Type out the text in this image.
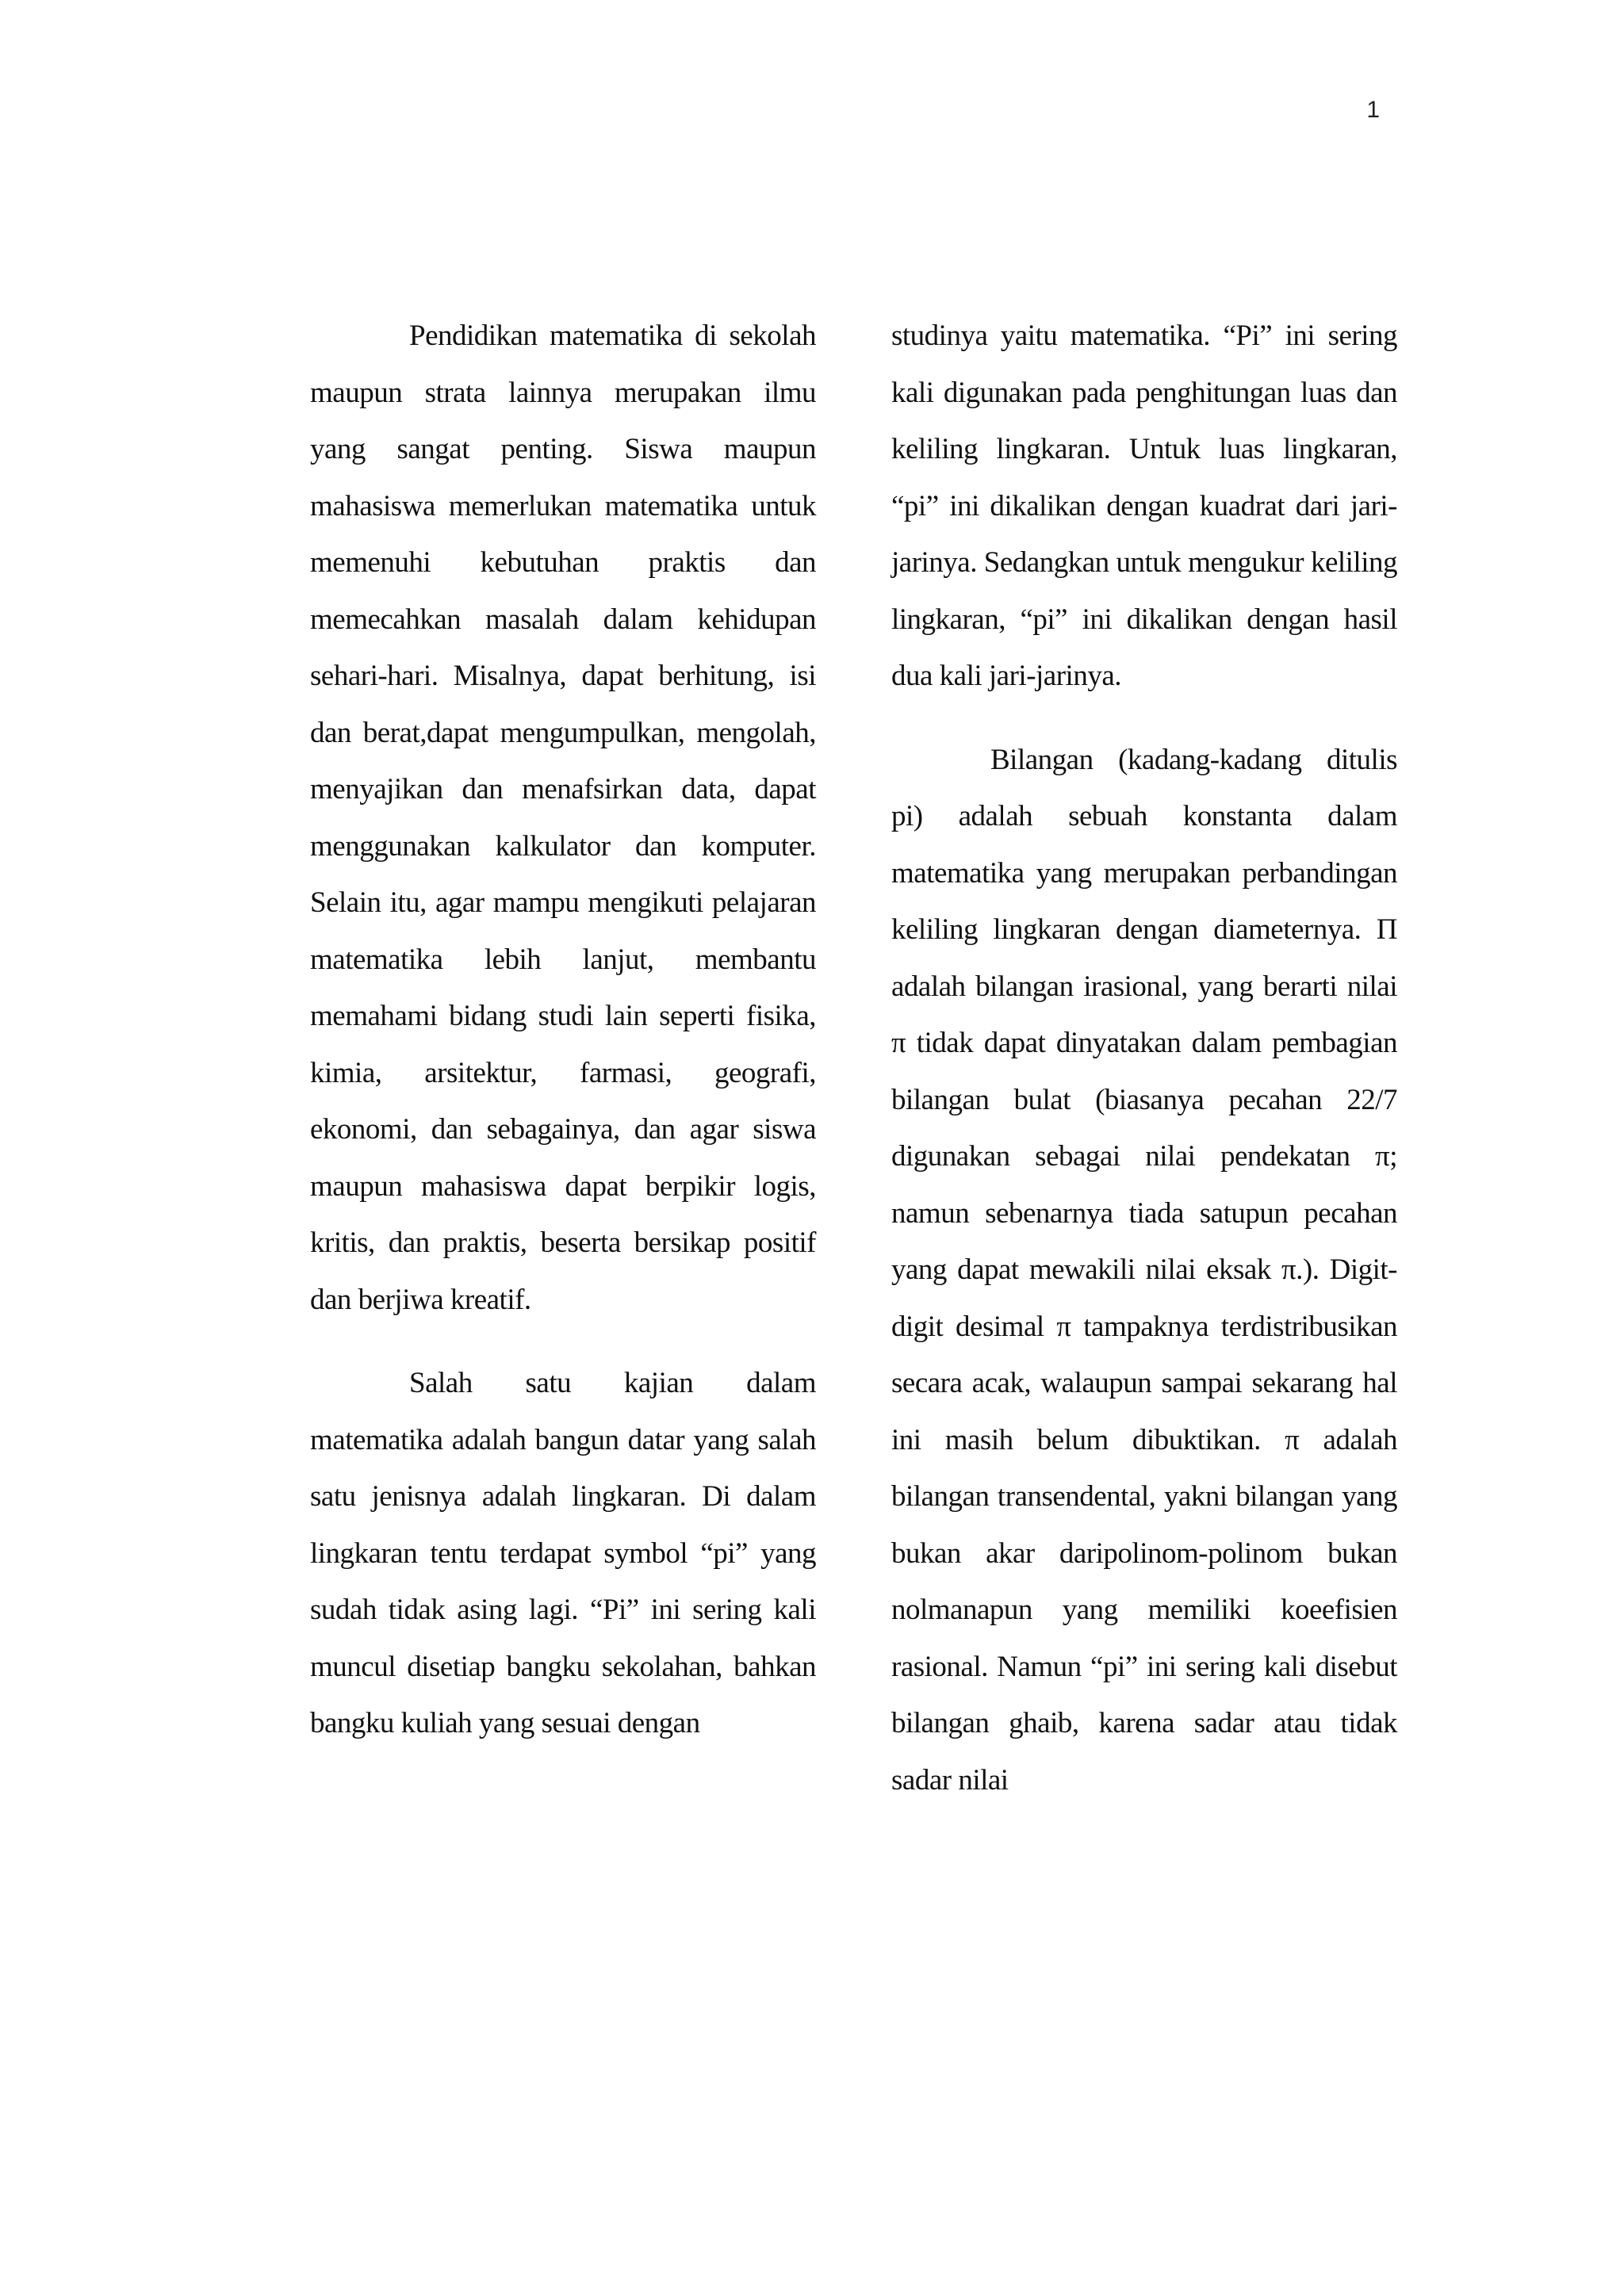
1

Pendidikan matematika di sekolah maupun strata lainnya merupakan ilmu yang sangat penting. Siswa maupun mahasiswa memerlukan matematika untuk memenuhi kebutuhan praktis dan memecahkan masalah dalam kehidupan sehari-hari. Misalnya, dapat berhitung, isi dan berat,dapat mengumpulkan, mengolah, menyajikan dan menafsirkan data, dapat menggunakan kalkulator dan komputer. Selain itu, agar mampu mengikuti pelajaran matematika lebih lanjut, membantu memahami bidang studi lain seperti fisika, kimia, arsitektur, farmasi, geografi, ekonomi, dan sebagainya, dan agar siswa maupun mahasiswa dapat berpikir logis, kritis, dan praktis, beserta bersikap positif dan berjiwa kreatif.

Salah satu kajian dalam matematika adalah bangun datar yang salah satu jenisnya adalah lingkaran. Di dalam lingkaran tentu terdapat symbol “pi” yang sudah tidak asing lagi. “Pi” ini sering kali muncul disetiap bangku sekolahan, bahkan bangku kuliah yang sesuai dengan

studinya yaitu matematika. “Pi” ini sering kali digunakan pada penghitungan luas dan keliling lingkaran. Untuk luas lingkaran, “pi” ini dikalikan dengan kuadrat dari jari-jarinya. Sedangkan untuk mengukur keliling lingkaran, “pi” ini dikalikan dengan hasil dua kali jari-jarinya.

Bilangan (kadang-kadang ditulis pi) adalah sebuah konstanta dalam matematika yang merupakan perbandingan keliling lingkaran dengan diameternya. Π adalah bilangan irasional, yang berarti nilai π tidak dapat dinyatakan dalam pembagian bilangan bulat (biasanya pecahan 22/7 digunakan sebagai nilai pendekatan π; namun sebenarnya tiada satupun pecahan yang dapat mewakili nilai eksak π.). Digit-digit desimal π tampaknya terdistribusikan secara acak, walaupun sampai sekarang hal ini masih belum dibuktikan. π adalah bilangan transendental, yakni bilangan yang bukan akar daripolinom-polinom bukan nolmanapun yang memiliki koeefisien rasional. Namun “pi” ini sering kali disebut bilangan ghaib, karena sadar atau tidak sadar nilai
